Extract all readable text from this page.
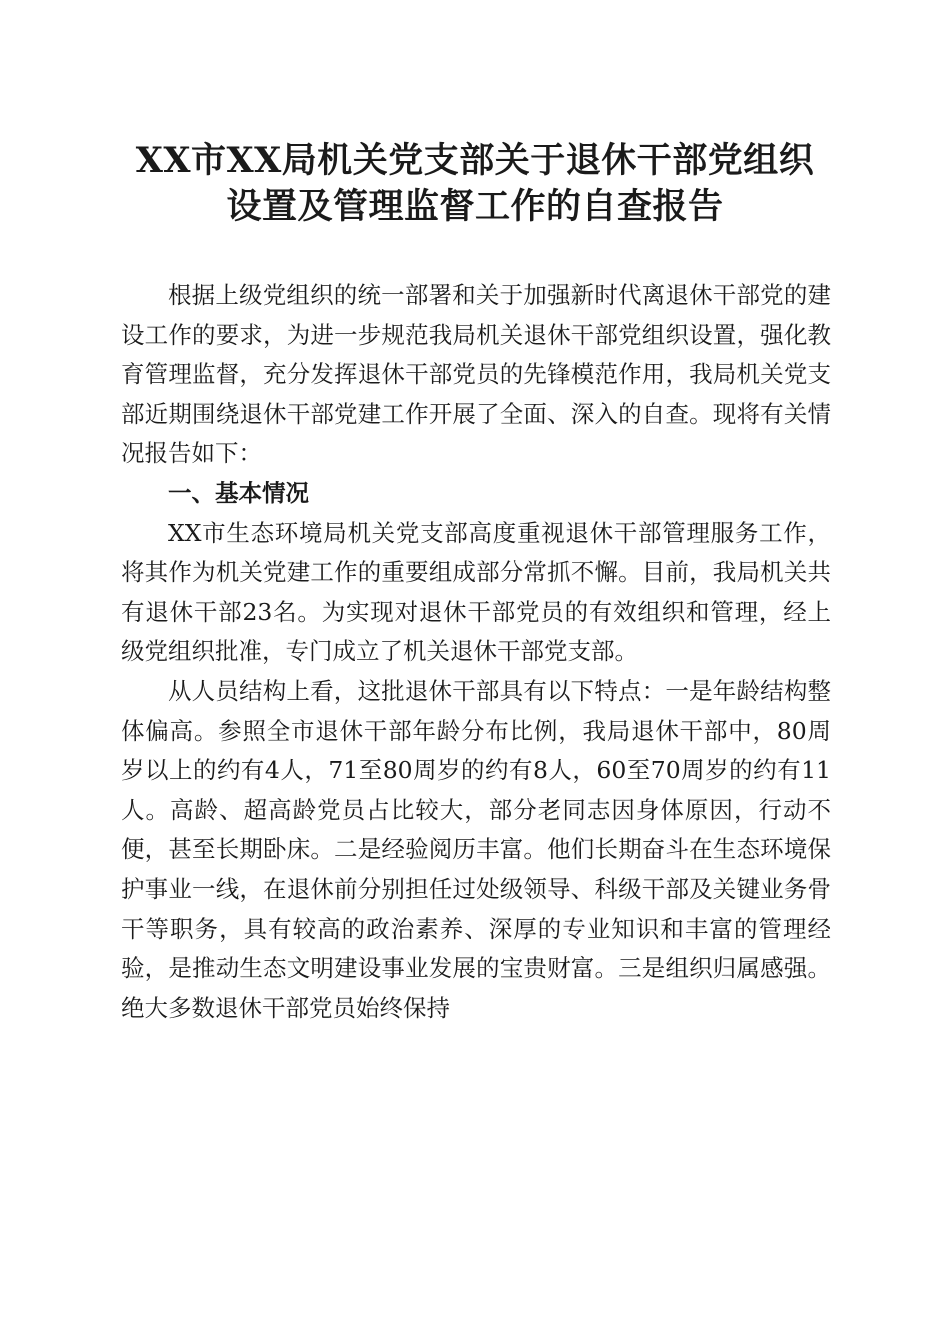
XX市XX局机关党支部关于退休干部党组织
设置及管理监督工作的自查报告

根据上级党组织的统一部署和关于加强新时代离退休干部党的建设工作的要求，为进一步规范我局机关退休干部党组织设置，强化教育管理监督，充分发挥退休干部党员的先锋模范作用，我局机关党支部近期围绕退休干部党建工作开展了全面、深入的自查。现将有关情况报告如下：

一、基本情况

XX市生态环境局机关党支部高度重视退休干部管理服务工作，将其作为机关党建工作的重要组成部分常抓不懈。目前，我局机关共有退休干部23名。为实现对退休干部党员的有效组织和管理，经上级党组织批准，专门成立了机关退休干部党支部。

从人员结构上看，这批退休干部具有以下特点：一是年龄结构整体偏高。参照全市退休干部年龄分布比例，我局退休干部中，80周岁以上的约有4人，71至80周岁的约有8人，60至70周岁的约有11人。高龄、超高龄党员占比较大，部分老同志因身体原因，行动不便，甚至长期卧床。二是经验阅历丰富。他们长期奋斗在生态环境保护事业一线，在退休前分别担任过处级领导、科级干部及关键业务骨干等职务，具有较高的政治素养、深厚的专业知识和丰富的管理经验，是推动生态文明建设事业发展的宝贵财富。三是组织归属感强。绝大多数退休干部党员始终保持
